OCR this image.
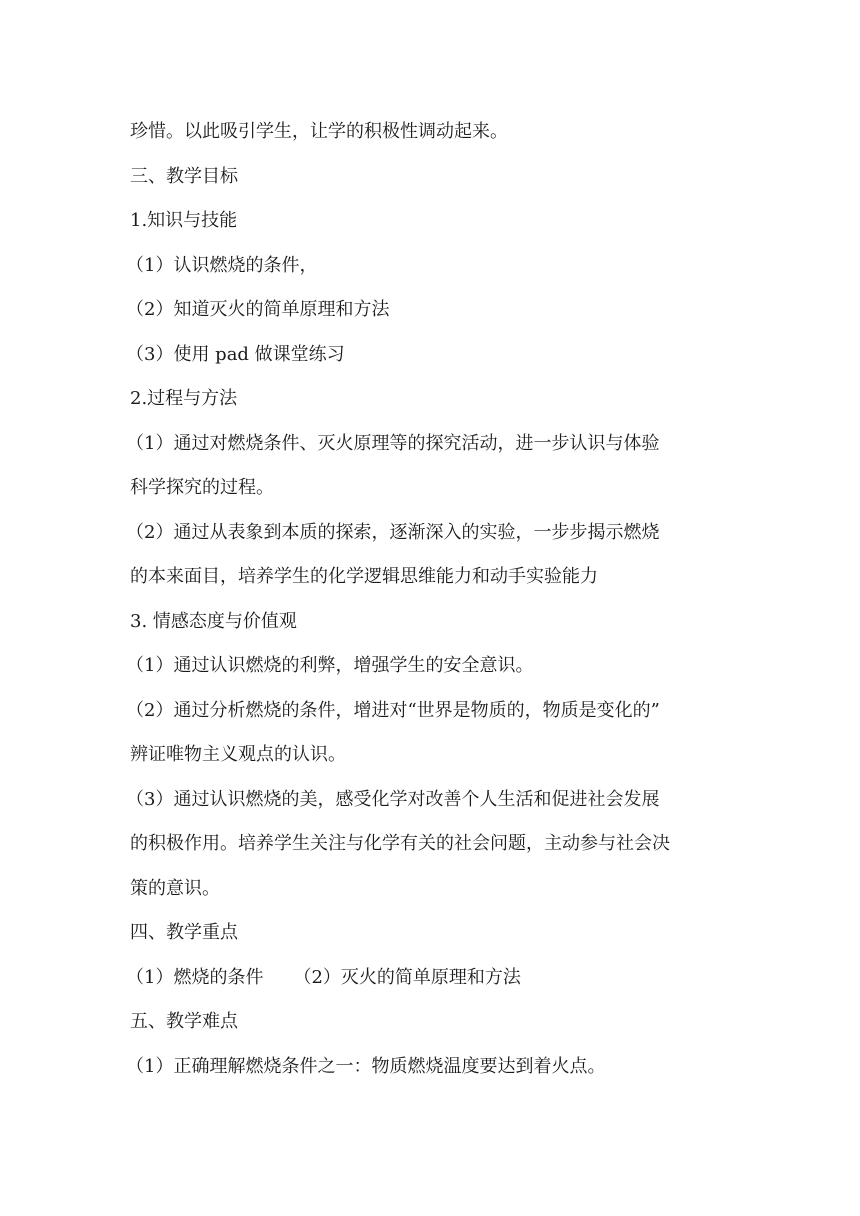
珍惜。以此吸引学生，让学的积极性调动起来。

三、教学目标

1.知识与技能

（1）认识燃烧的条件，

（2）知道灭火的简单原理和方法

（3）使用 pad 做课堂练习

2.过程与方法

（1）通过对燃烧条件、灭火原理等的探究活动，进一步认识与体验

科学探究的过程。

（2）通过从表象到本质的探索，逐渐深入的实验，一步步揭示燃烧

的本来面目，培养学生的化学逻辑思维能力和动手实验能力

3. 情感态度与价值观

（1）通过认识燃烧的利弊，增强学生的安全意识。

（2）通过分析燃烧的条件，增进对“世界是物质的，物质是变化的”

辨证唯物主义观点的认识。

（3）通过认识燃烧的美，感受化学对改善个人生活和促进社会发展

的积极作用。培养学生关注与化学有关的社会问题，主动参与社会决

策的意识。

四、教学重点

（1）燃烧的条件 （2）灭火的简单原理和方法

五、教学难点

（1）正确理解燃烧条件之一：物质燃烧温度要达到着火点。
